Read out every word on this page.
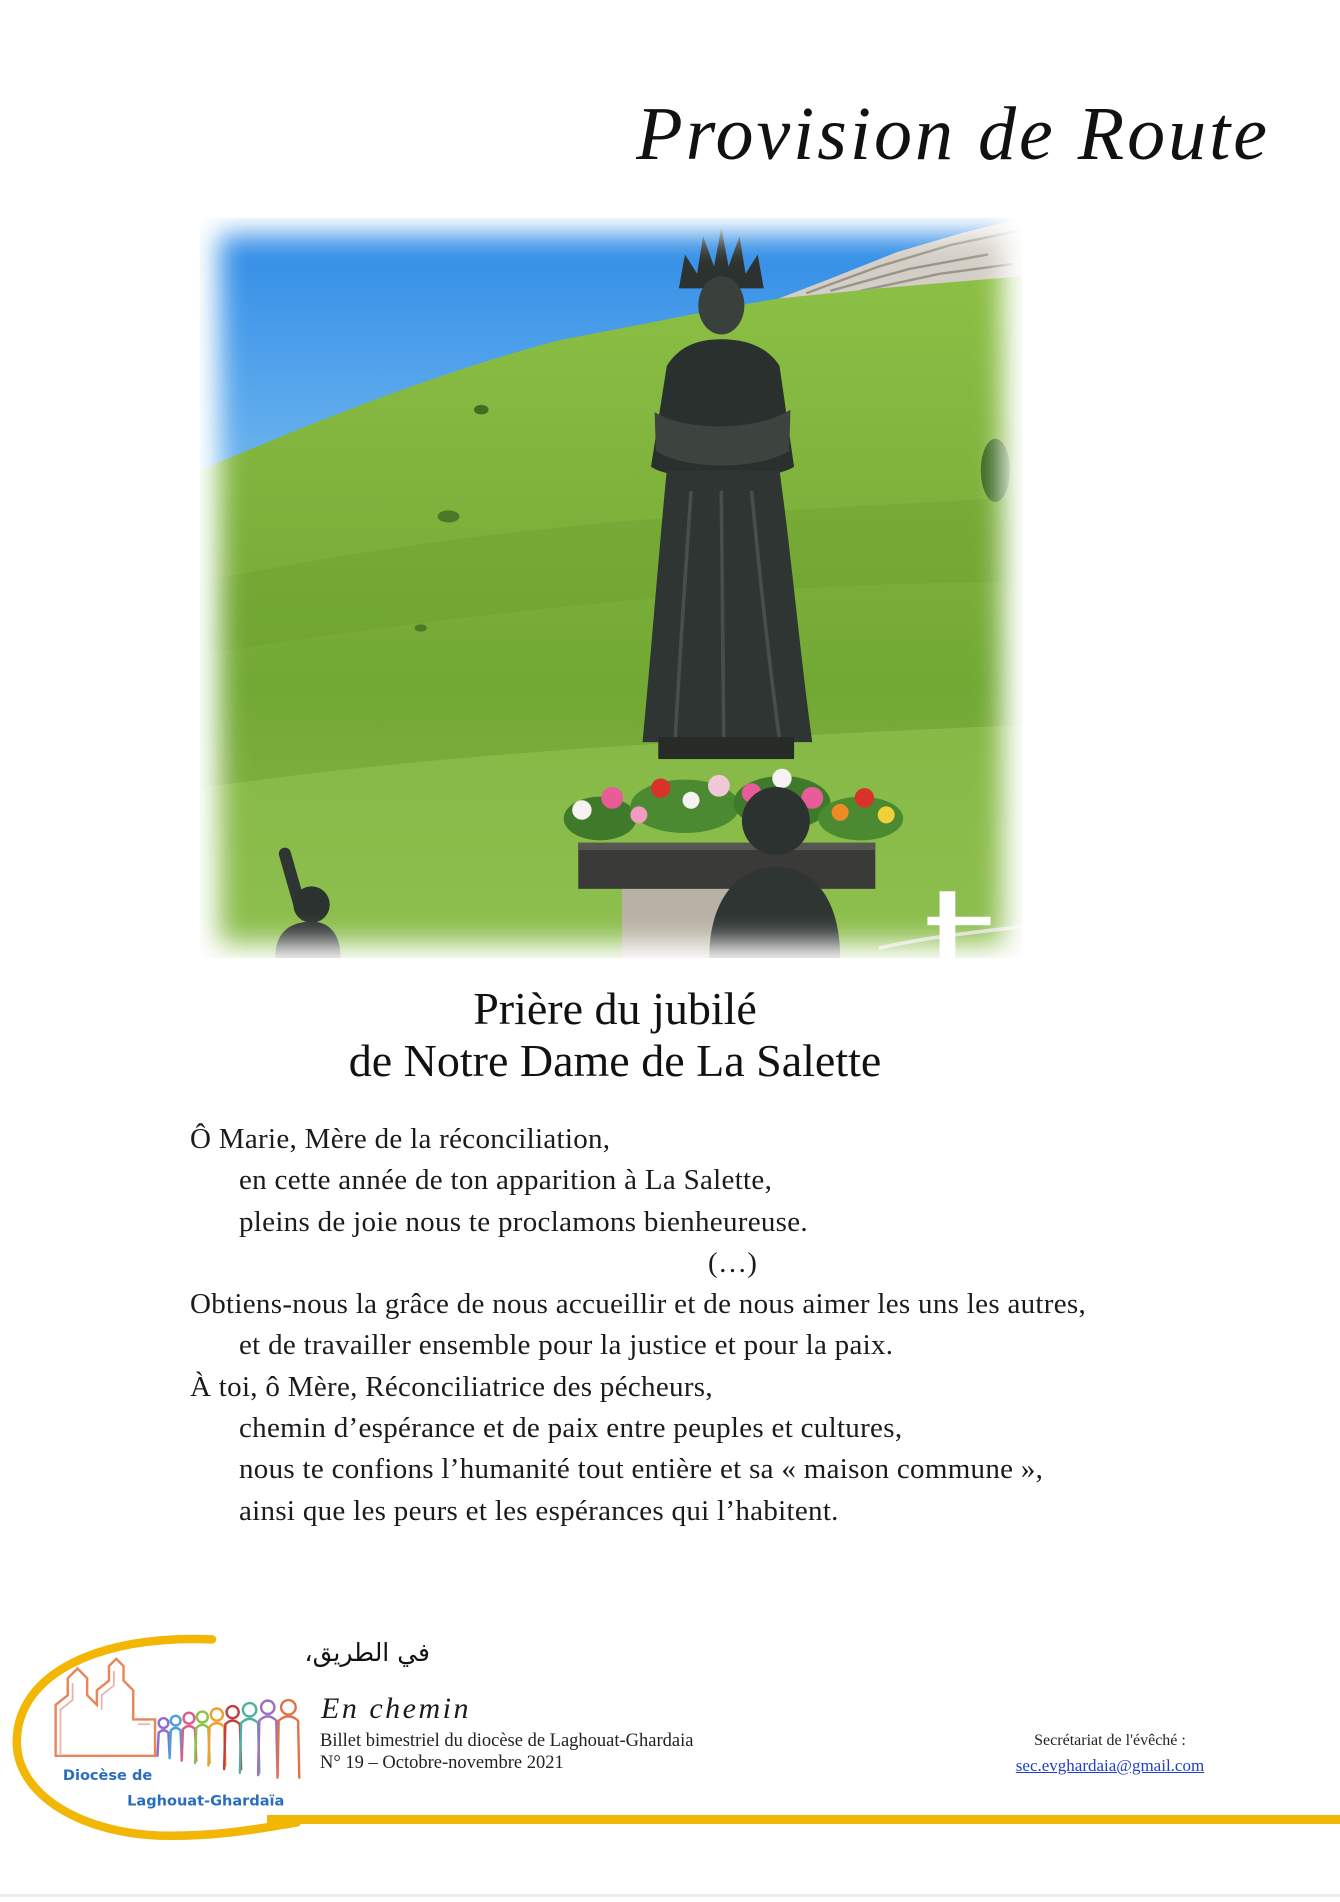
Provision de Route
Prière du jubilé
de Notre Dame de La Salette
Ô Marie, Mère de la réconciliation,
en cette année de ton apparition à La Salette,
pleins de joie nous te proclamons bienheureuse.
(…)
Obtiens-nous la grâce de nous accueillir et de nous aimer les uns les autres,
et de travailler ensemble pour la justice et pour la paix.
À toi, ô Mère, Réconciliatrice des pécheurs,
chemin d’espérance et de paix entre peuples et cultures,
nous te confions l’humanité tout entière et sa « maison commune »,
ainsi que les peurs et les espérances qui l’habitent.
Diocèse de
Laghouat-Ghardaïa
في الطريق،
En chemin
Billet bimestriel du diocèse de Laghouat-Ghardaia
N° 19 – Octobre-novembre 2021
Secrétariat de l'évêché :
sec.evghardaia@gmail.com
